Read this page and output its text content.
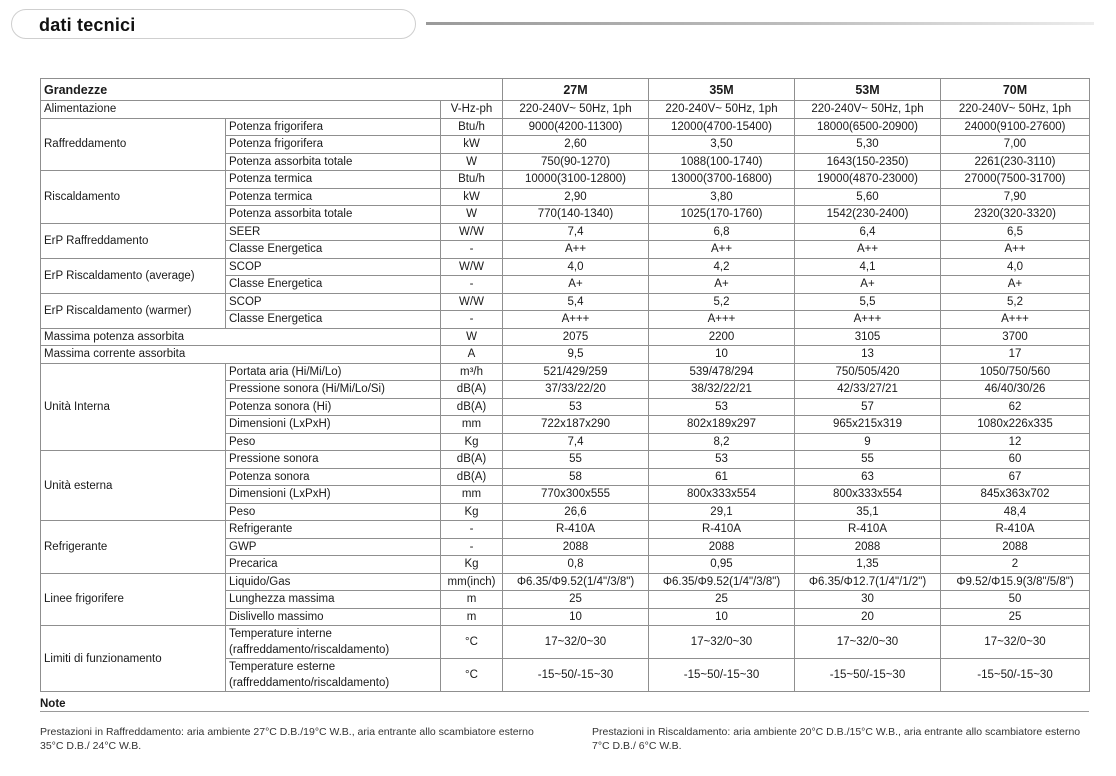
dati tecnici
Grandezze			27M	35M	53M	70M
Alimentazione		V-Hz-ph	220-240V~ 50Hz, 1ph	220-240V~ 50Hz, 1ph	220-240V~ 50Hz, 1ph	220-240V~ 50Hz, 1ph
Raffreddamento	Potenza frigorifera	Btu/h	9000(4200-11300)	12000(4700-15400)	18000(6500-20900)	24000(9100-27600)
	Potenza frigorifera	kW	2,60	3,50	5,30	7,00
	Potenza assorbita totale	W	750(90-1270)	1088(100-1740)	1643(150-2350)	2261(230-3110)
Riscaldamento	Potenza termica	Btu/h	10000(3100-12800)	13000(3700-16800)	19000(4870-23000)	27000(7500-31700)
	Potenza termica	kW	2,90	3,80	5,60	7,90
	Potenza assorbita totale	W	770(140-1340)	1025(170-1760)	1542(230-2400)	2320(320-3320)
ErP Raffreddamento	SEER	W/W	7,4	6,8	6,4	6,5
	Classe Energetica	-	A++	A++	A++	A++
ErP Riscaldamento (average)	SCOP	W/W	4,0	4,2	4,1	4,0
	Classe Energetica	-	A+	A+	A+	A+
ErP Riscaldamento (warmer)	SCOP	W/W	5,4	5,2	5,5	5,2
	Classe Energetica	-	A+++	A+++	A+++	A+++
Massima potenza assorbita		W	2075	2200	3105	3700
Massima corrente assorbita		A	9,5	10	13	17
Unità Interna	Portata aria (Hi/Mi/Lo)	m³/h	521/429/259	539/478/294	750/505/420	1050/750/560
	Pressione sonora (Hi/Mi/Lo/Si)	dB(A)	37/33/22/20	38/32/22/21	42/33/27/21	46/40/30/26
	Potenza sonora (Hi)	dB(A)	53	53	57	62
	Dimensioni (LxPxH)	mm	722x187x290	802x189x297	965x215x319	1080x226x335
	Peso	Kg	7,4	8,2	9	12
Unità esterna	Pressione sonora	dB(A)	55	53	55	60
	Potenza sonora	dB(A)	58	61	63	67
	Dimensioni (LxPxH)	mm	770x300x555	800x333x554	800x333x554	845x363x702
	Peso	Kg	26,6	29,1	35,1	48,4
Refrigerante	Refrigerante	-	R-410A	R-410A	R-410A	R-410A
	GWP	-	2088	2088	2088	2088
	Precarica	Kg	0,8	0,95	1,35	2
Linee frigorifere	Liquido/Gas	mm(inch)	Φ6.35/Φ9.52(1/4"/3/8")	Φ6.35/Φ9.52(1/4"/3/8")	Φ6.35/Φ12.7(1/4"/1/2")	Φ9.52/Φ15.9(3/8"/5/8")
	Lunghezza massima	m	25	25	30	50
	Dislivello massimo	m	10	10	20	25
Limiti di funzionamento	Temperature interne (raffreddamento/riscaldamento)	°C	17~32/0~30	17~32/0~30	17~32/0~30	17~32/0~30
	Temperature esterne (raffreddamento/riscaldamento)	°C	-15~50/-15~30	-15~50/-15~30	-15~50/-15~30	-15~50/-15~30
Note
Prestazioni in Raffreddamento: aria ambiente 27°C D.B./19°C W.B., aria entrante allo scambiatore esterno 35°C D.B./ 24°C W.B.
Prestazioni in Riscaldamento: aria ambiente 20°C D.B./15°C W.B., aria entrante allo scambiatore esterno 7°C D.B./ 6°C W.B.
